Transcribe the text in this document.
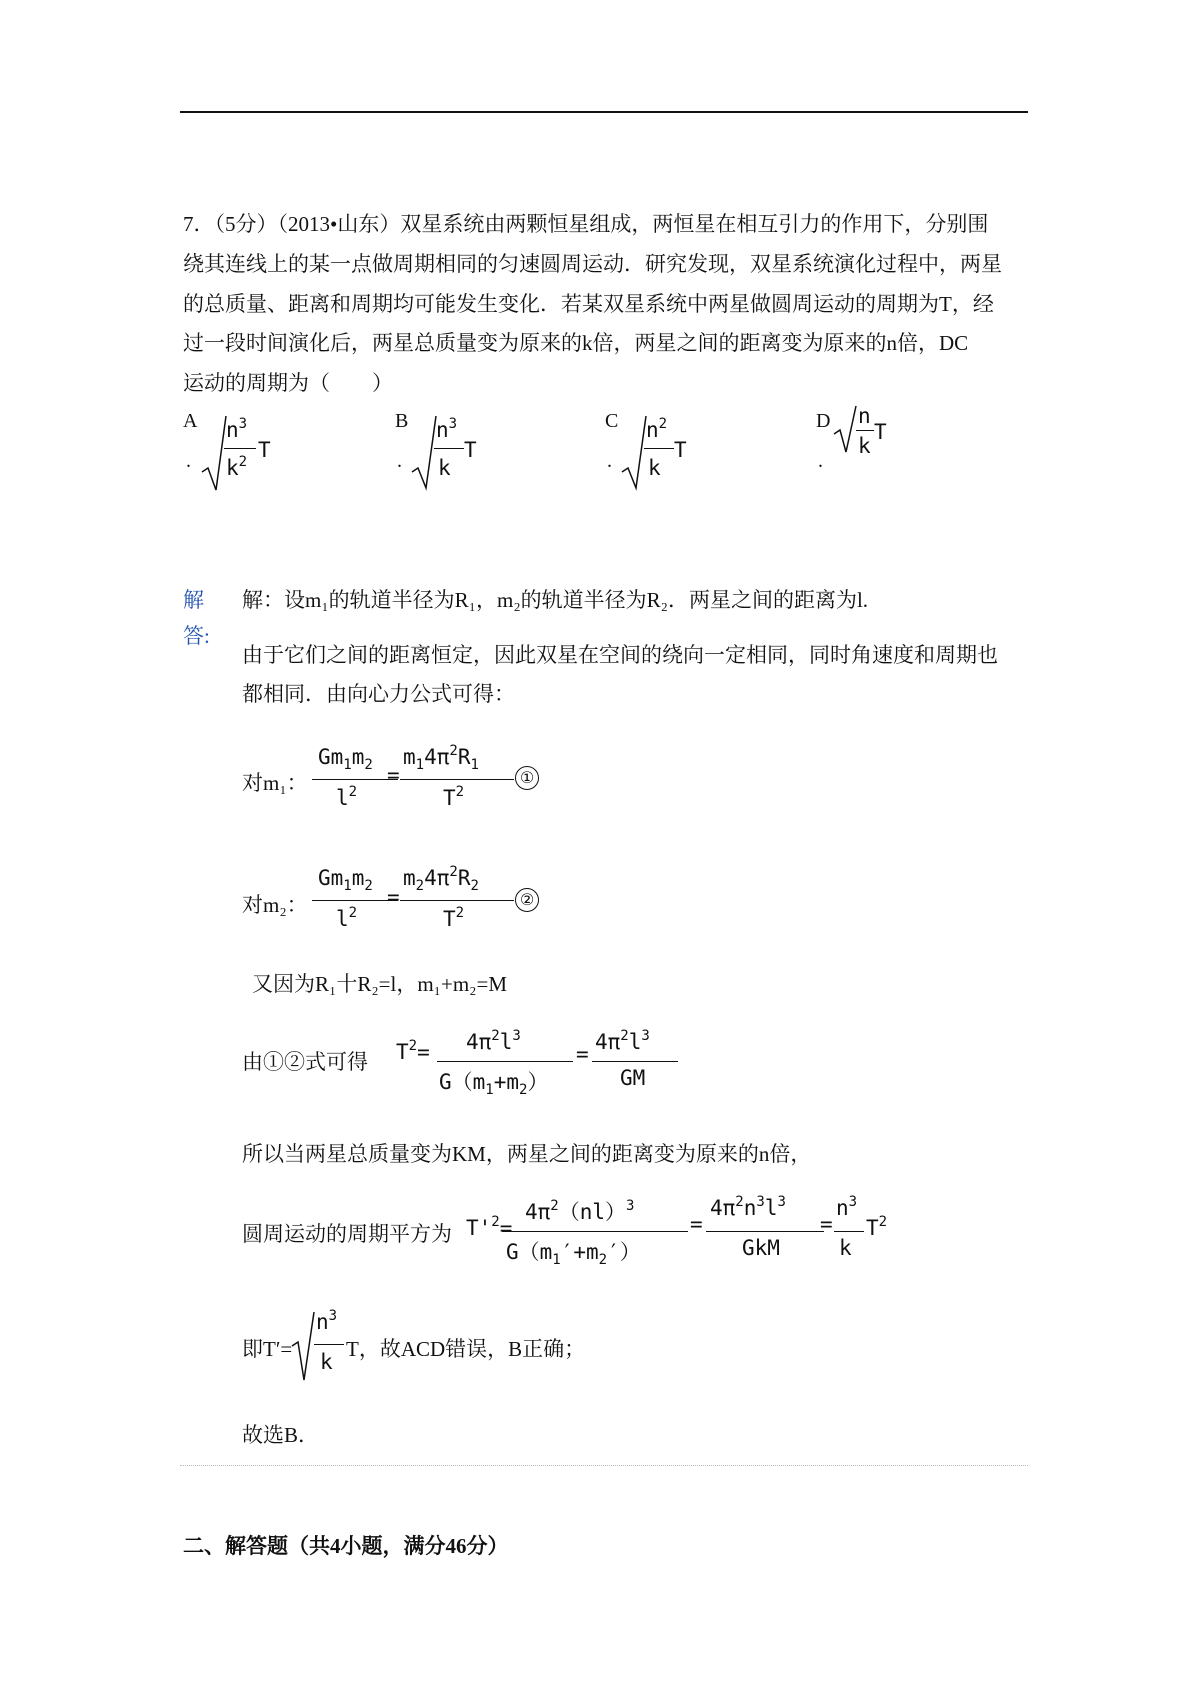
7．（5分）（2013•山东）双星系统由两颗恒星组成，两恒星在相互引力的作用下，分别围
绕其连线上的某一点做周期相同的匀速圆周运动．研究发现，双星系统演化过程中，两星
的总质量、距离和周期均可能发生变化．若某双星系统中两星做圆周运动的周期为T，经
过一段时间演化后，两星总质量变为原来的k倍，两星之间的距离变为原来的n倍，DC
运动的周期为（　　）
A
.
$n^3$
$k^2$ T
B
.
$n^3$
k
T
C
.
$n^2$
k
T
D
.
n
k
T
解
答:
解：设m₁的轨道半径为R₁，m₂的轨道半径为R₂．两星之间的距离为l.
由于它们之间的距离恒定，因此双星在空间的绕向一定相同，同时角速度和周期也
都相同．由向心力公式可得：
对m₁：
$Gm_1m_2$
$l^2$
=
$m_14\pi^2R_1$
$T^2$
①
对m₂：
$Gm_1m_2$
$l^2$
=
$m_24\pi^2R_2$
$T^2$
②
又因为R₁十R₂=l，m₁+m₂=M
由①②式可得 $T^2= 4\pi^2l^3$
$G(m_1+m_2)$
= $4\pi^2l^3$
GM
所以当两星总质量变为KM，两星之间的距离变为原来的n倍，
圆周运动的周期平方为 $T'^2=$
$4\pi^2(nl)^3$
$G(m_1'+m_2')$
=
$4\pi^2n^3l^3$
GkM
=
$n^3$
k
$T^2$
即T′=
$n^3$
k
T，故ACD错误，B正确；
故选B．
二、解答题（共4小题，满分46分）
